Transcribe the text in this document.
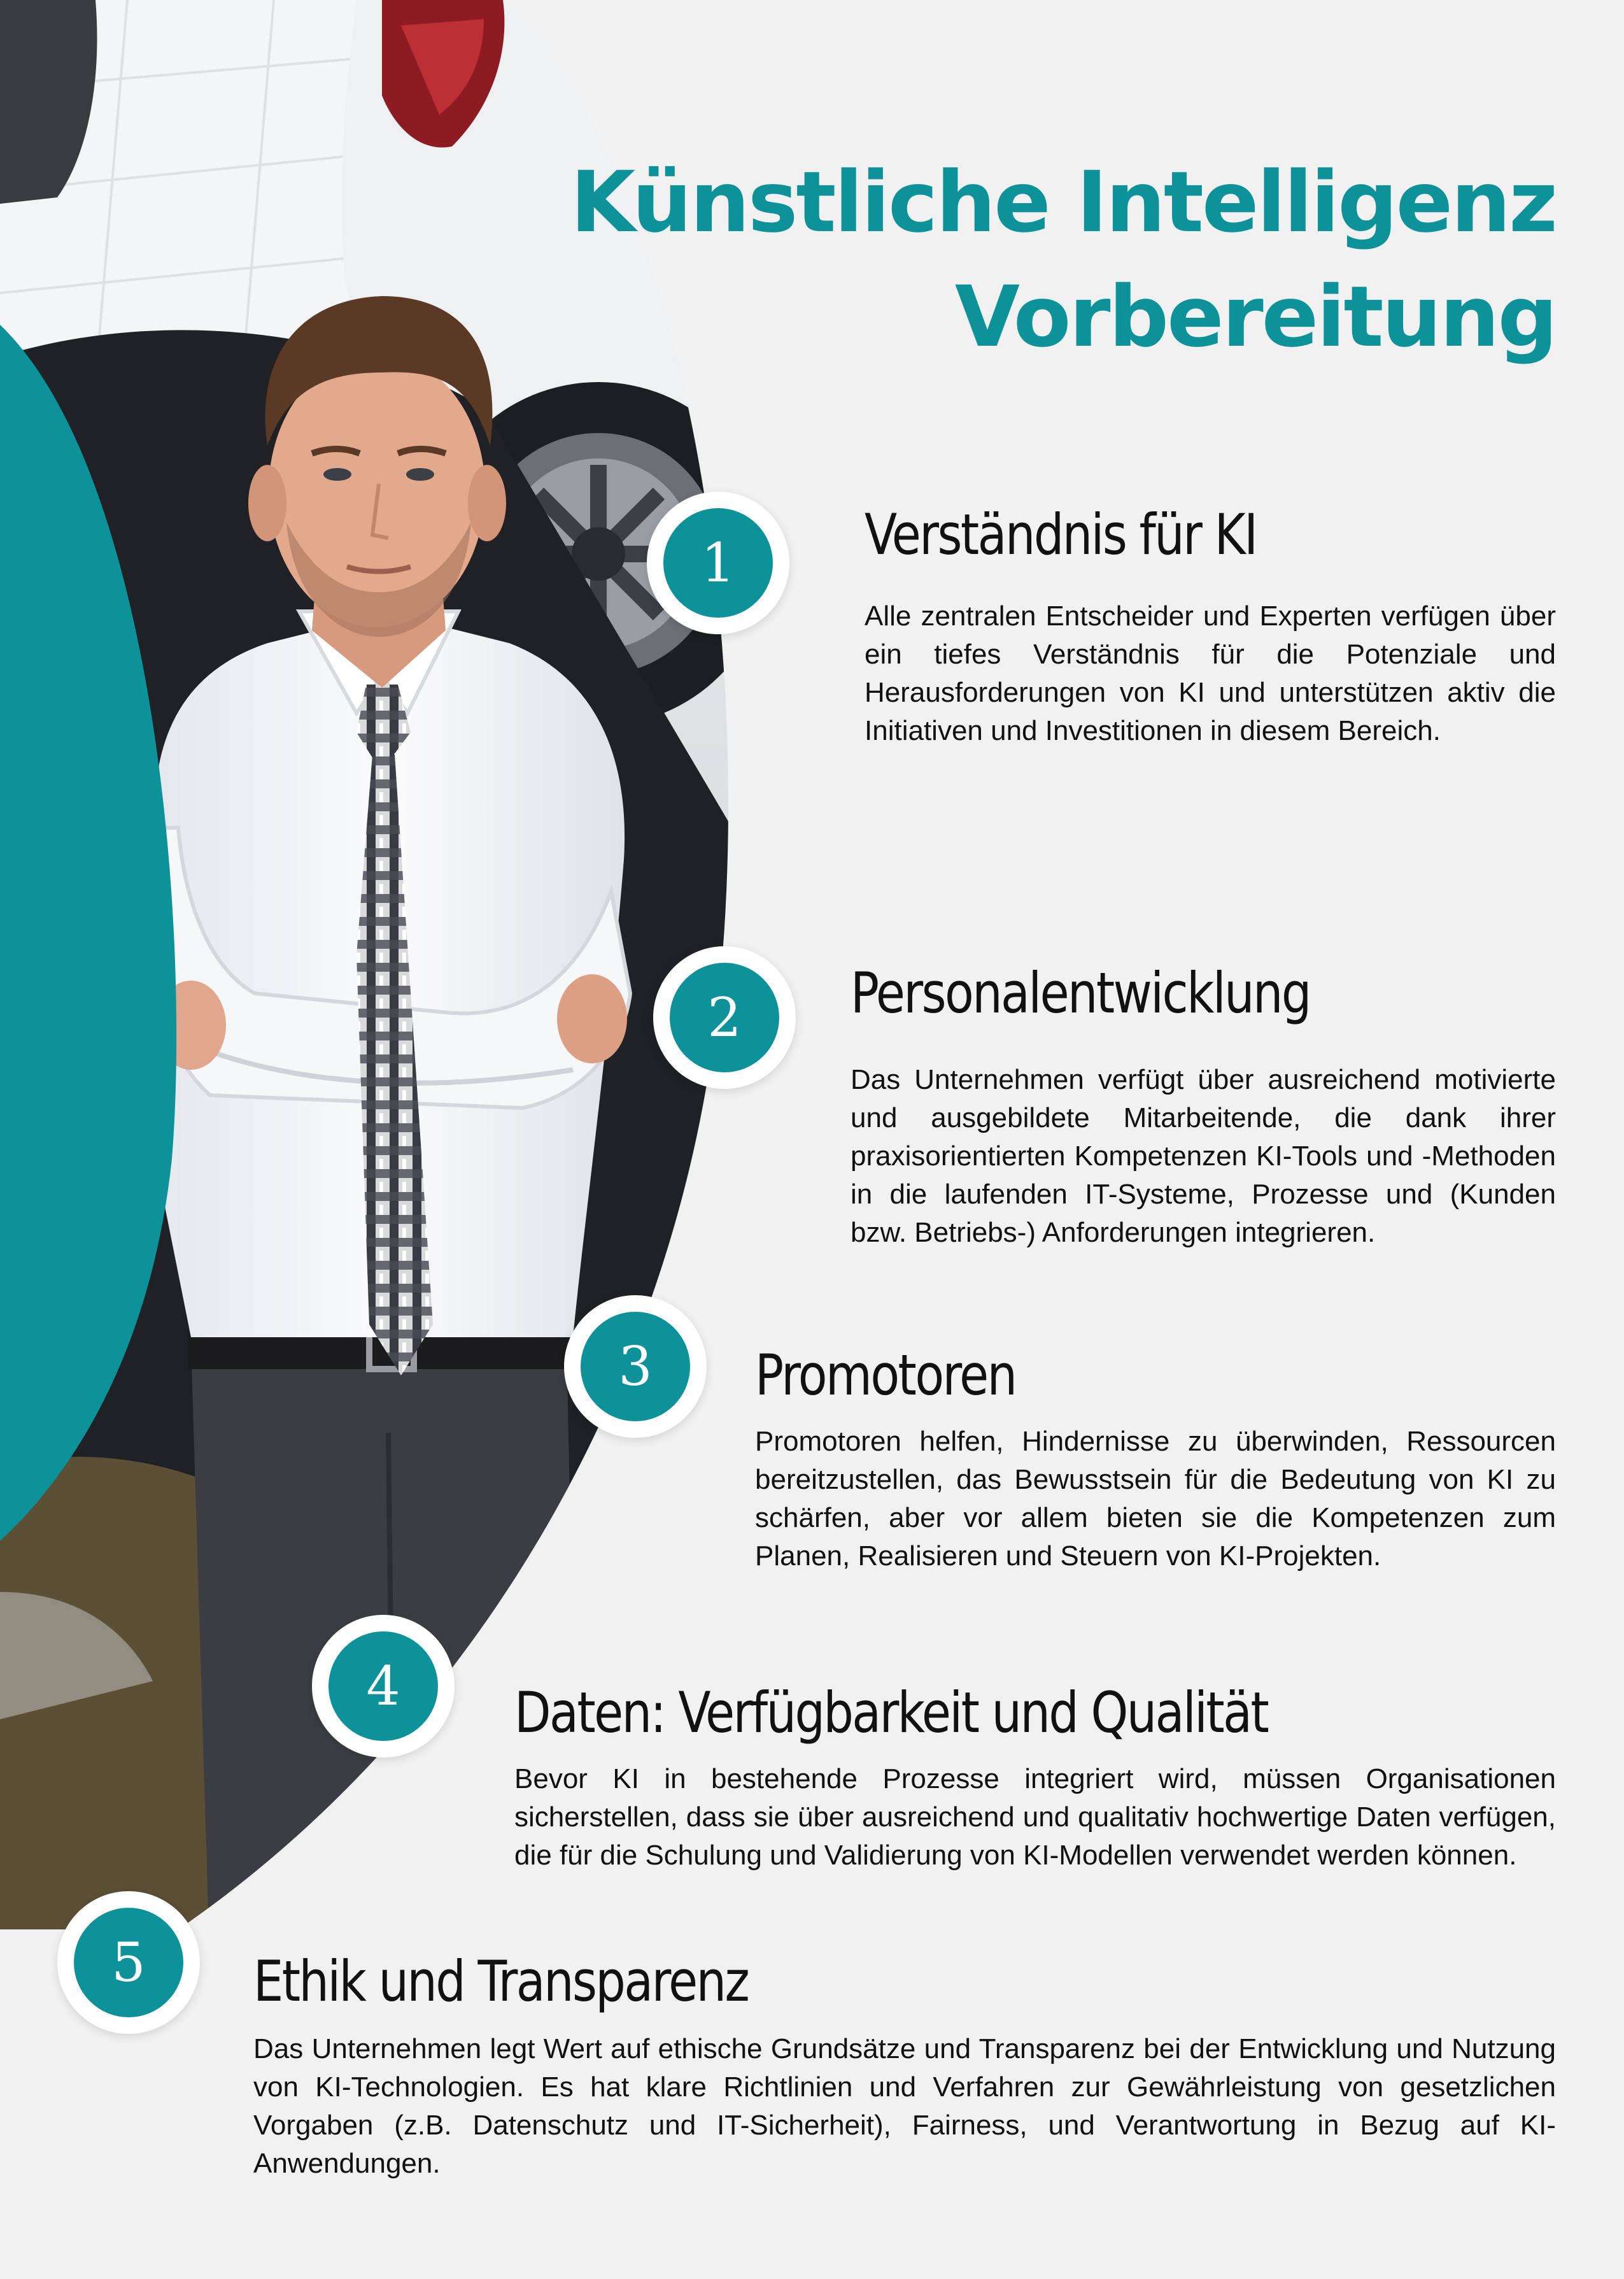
Künstliche Intelligenz
Vorbereitung
1	Verständnis für KI

Alle zentralen Entscheider und Experten verfügen über ein tiefes Verständnis für die Potenziale und Herausforderungen von KI und unterstützen aktiv die Initiativen und Investitionen in diesem Bereich.

2	Personalentwicklung

Das Unternehmen verfügt über ausreichend motivierte und ausgebildete Mitarbeitende, die dank ihrer praxisorientierten Kompetenzen KI-Tools und -Methoden in die laufenden IT-Systeme, Prozesse und (Kunden bzw. Betriebs-) Anforderungen integrieren.

3	Promotoren

Promotoren helfen, Hindernisse zu überwinden, Ressourcen bereitzustellen, das Bewusstsein für die Bedeutung von KI zu schärfen, aber vor allem bieten sie die Kompetenzen zum Planen, Realisieren und Steuern von KI-Projekten.

4	Daten: Verfügbarkeit und Qualität

Bevor KI in bestehende Prozesse integriert wird, müssen Organisationen sicherstellen, dass sie über ausreichend und qualitativ hochwertige Daten verfügen, die für die Schulung und Validierung von KI-Modellen verwendet werden können.

5	Ethik und Transparenz

Das Unternehmen legt Wert auf ethische Grundsätze und Transparenz bei der Entwicklung und Nutzung von KI-Technologien. Es hat klare Richtlinien und Verfahren zur Gewährleistung von gesetzlichen Vorgaben (z.B. Datenschutz und IT-Sicherheit), Fairness, und Verantwortung in Bezug auf KI-Anwendungen.
